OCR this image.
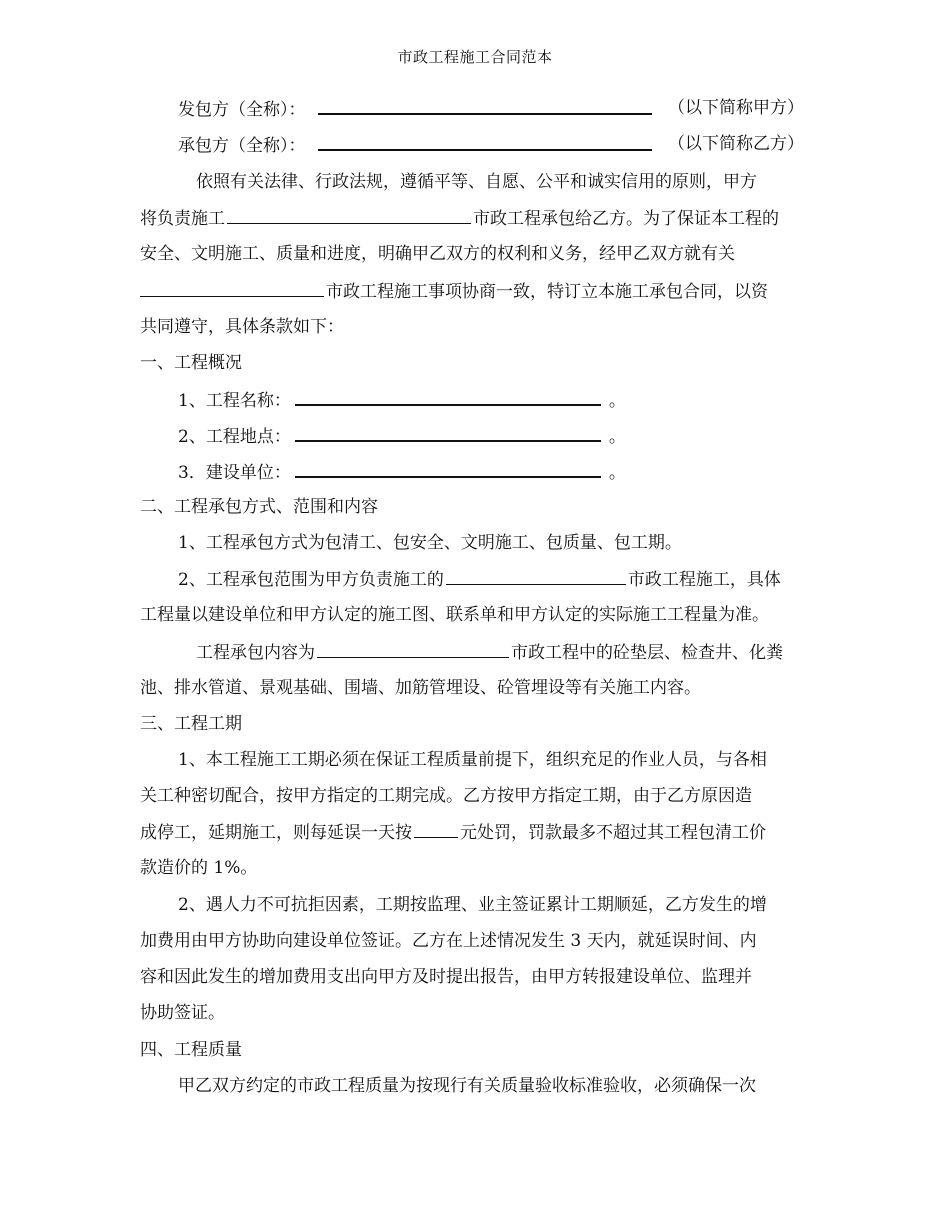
市政工程施工合同范本
发包方（全称）：	（以下简称甲方）
承包方（全称）：	（以下简称乙方）
依照有关法律、行政法规，遵循平等、自愿、公平和诚实信用的原则，甲方
将负责施工	市政工程承包给乙方。为了保证本工程的
安全、文明施工、质量和进度，明确甲乙双方的权利和义务，经甲乙双方就有关
市政工程施工事项协商一致，特订立本施工承包合同，以资
共同遵守，具体条款如下：
一、工程概况
1、工程名称：	。
2、工程地点：	。
3．建设单位：	。
二、工程承包方式、范围和内容
1、工程承包方式为包清工、包安全、文明施工、包质量、包工期。
2、工程承包范围为甲方负责施工的	市政工程施工，具体
工程量以建设单位和甲方认定的施工图、联系单和甲方认定的实际施工工程量为准。
工程承包内容为	市政工程中的砼垫层、检查井、化粪
池、排水管道、景观基础、围墙、加筋管埋设、砼管埋设等有关施工内容。
三、工程工期
1、本工程施工工期必须在保证工程质量前提下，组织充足的作业人员，与各相
关工种密切配合，按甲方指定的工期完成。乙方按甲方指定工期，由于乙方原因造
成停工，延期施工，则每延误一天按	元处罚，罚款最多不超过其工程包清工价
款造价的 1%。
2、遇人力不可抗拒因素，工期按监理、业主签证累计工期顺延，乙方发生的增
加费用由甲方协助向建设单位签证。乙方在上述情况发生 3 天内，就延误时间、内
容和因此发生的增加费用支出向甲方及时提出报告，由甲方转报建设单位、监理并
协助签证。
四、工程质量
甲乙双方约定的市政工程质量为按现行有关质量验收标准验收，必须确保一次
